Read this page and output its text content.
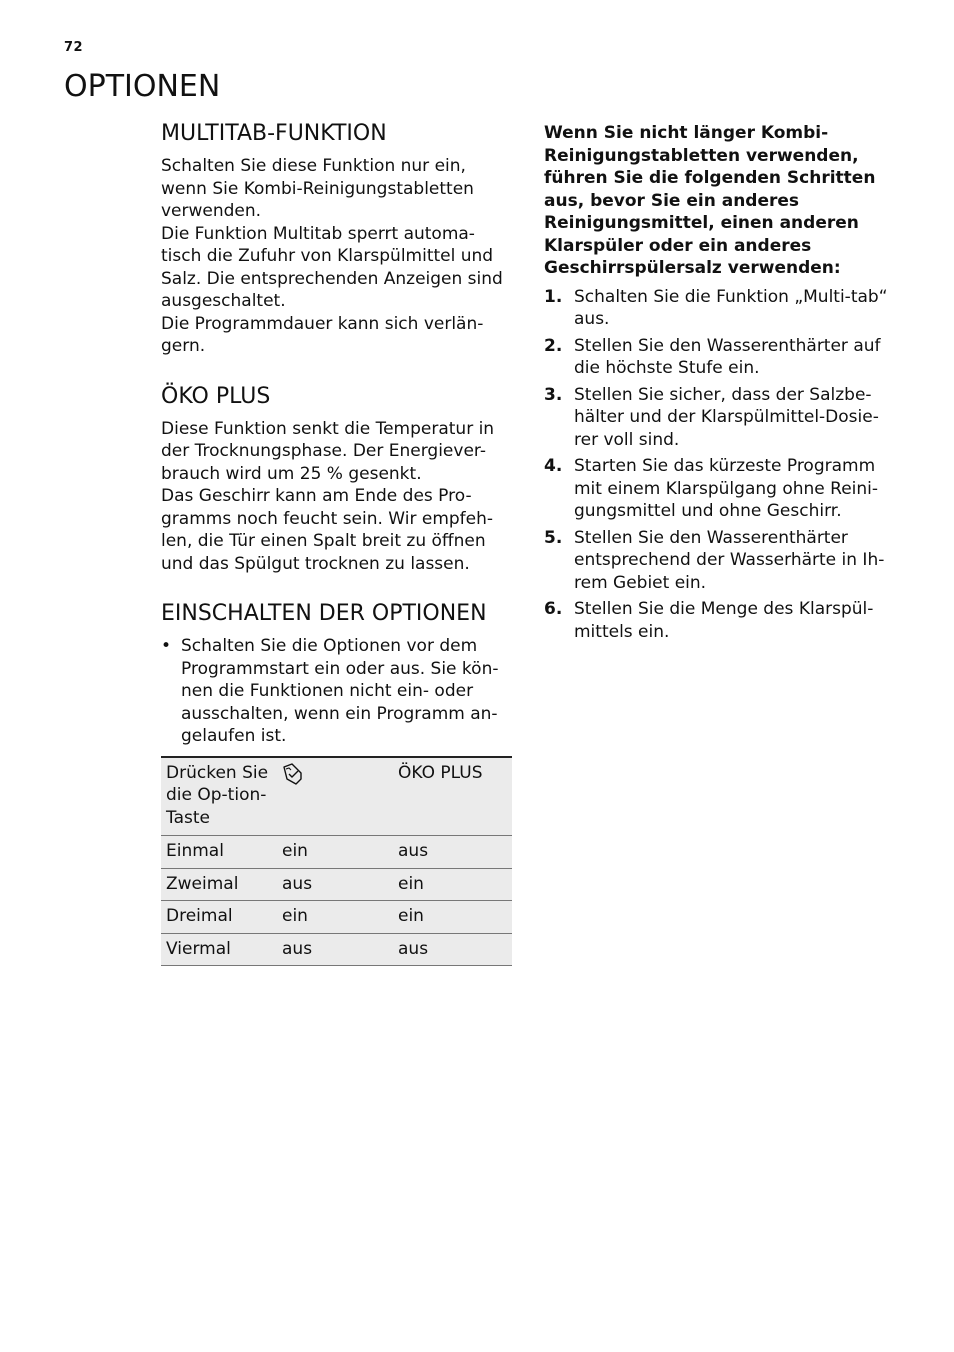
72
OPTIONEN
MULTITAB-FUNKTION

Schalten Sie diese Funktion nur ein, wenn Sie Kombi-Reinigungstabletten verwenden.

Die Funktion Multitab sperrt automa-tisch die Zufuhr von Klarspülmittel und Salz. Die entsprechenden Anzeigen sind ausgeschaltet.

Die Programmdauer kann sich verlän-gern.

ÖKO PLUS

Diese Funktion senkt die Temperatur in der Trocknungsphase. Der Energiever-brauch wird um 25 % gesenkt.

Das Geschirr kann am Ende des Pro-gramms noch feucht sein. Wir empfeh-len, die Tür einen Spalt breit zu öffnen und das Spülgut trocknen zu lassen.

EINSCHALTEN DER OPTIONEN
• Schalten Sie die Optionen vor dem Programmstart ein oder aus. Sie kön-nen die Funktionen nicht ein- oder ausschalten, wenn ein Programm an-gelaufen ist.
Drücken Sie die Op-tion-Taste		ÖKO PLUS
Einmal	ein	aus
Zweimal	aus	ein
Dreimal	ein	ein
Viermal	aus	aus

Wenn Sie nicht länger Kombi-Reinigungstabletten verwenden, führen Sie die folgenden Schritten aus, bevor Sie ein anderes Reinigungsmittel, einen anderen Klarspüler oder ein anderes Geschirrspülersalz verwenden:

1. Schalten Sie die Funktion „Multi-tab“ aus.
2. Stellen Sie den Wasserenthärter auf die höchste Stufe ein.
3. Stellen Sie sicher, dass der Salzbe-hälter und der Klarspülmittel-Dosie-rer voll sind.
4. Starten Sie das kürzeste Programm mit einem Klarspülgang ohne Reini-gungsmittel und ohne Geschirr.
5. Stellen Sie den Wasserenthärter entsprechend der Wasserhärte in Ih-rem Gebiet ein.
6. Stellen Sie die Menge des Klarspül-mittels ein.
